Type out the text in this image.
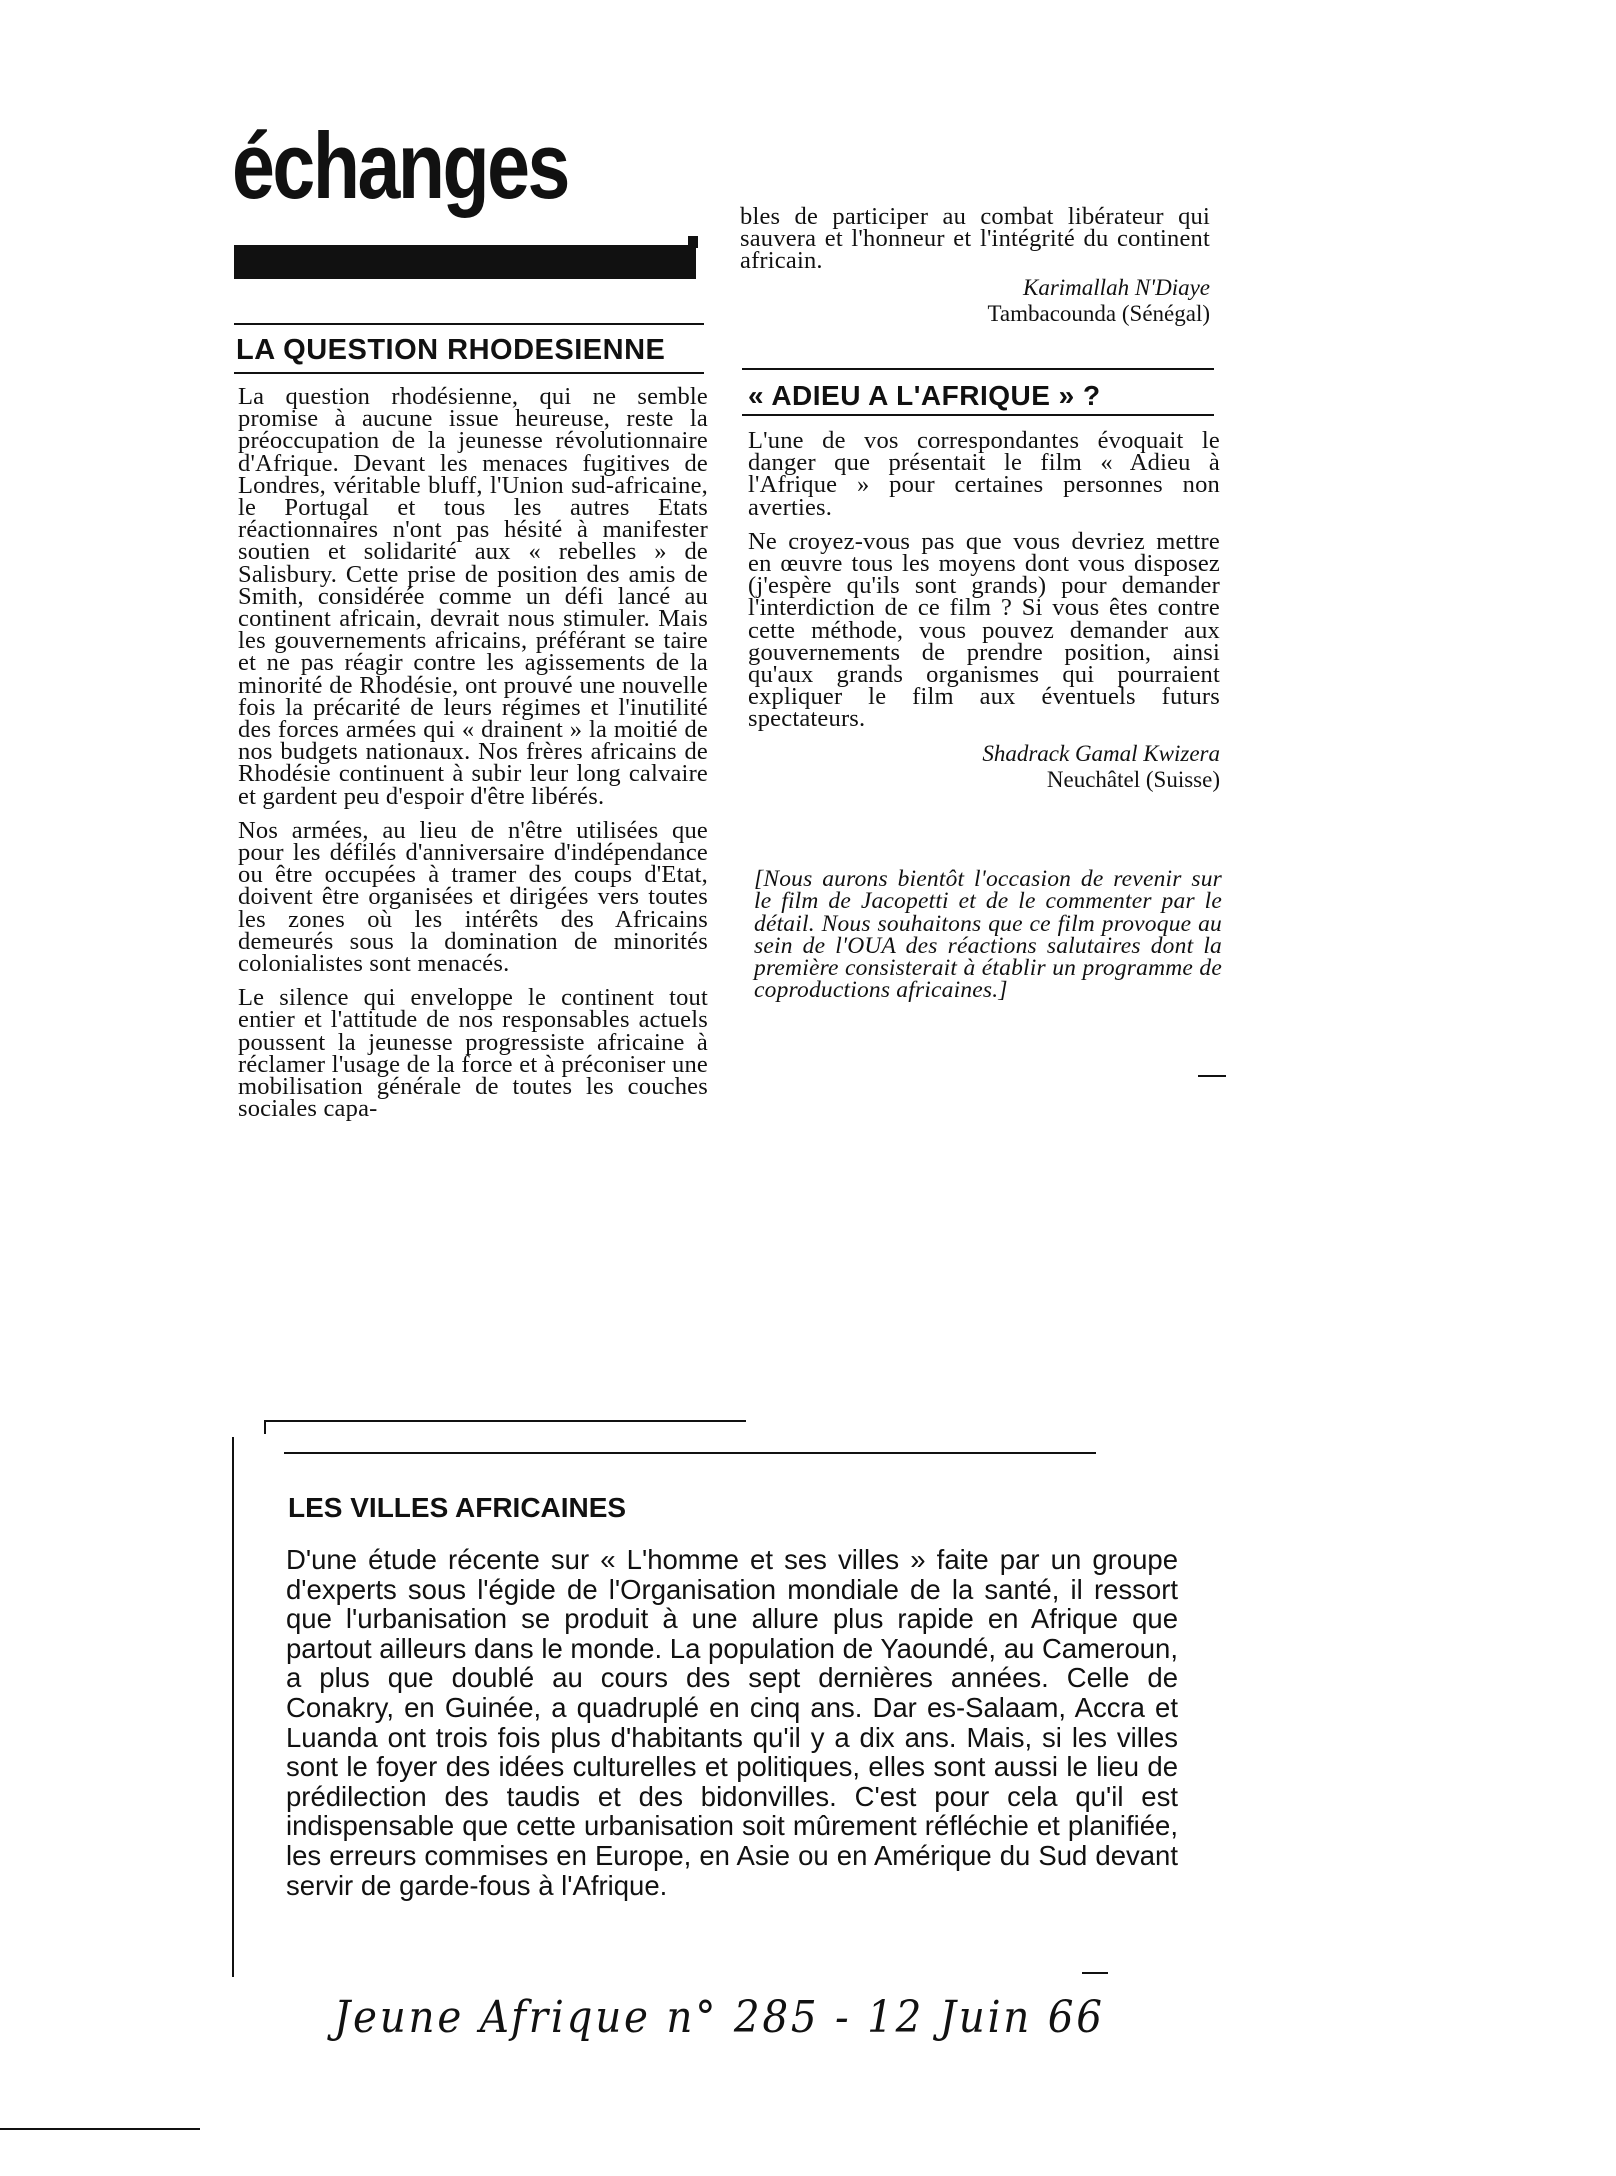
échanges
LA QUESTION RHODESIENNE

La question rhodésienne, qui ne semble promise à aucune issue heureuse, reste la préoccupation de la jeunesse révolutionnaire d'Afrique. Devant les menaces fugitives de Londres, véritable bluff, l'Union sud-africaine, le Portugal et tous les autres Etats réactionnaires n'ont pas hésité à manifester soutien et solidarité aux « rebelles » de Salisbury. Cette prise de position des amis de Smith, considérée comme un défi lancé au continent africain, devrait nous stimuler. Mais les gouvernements africains, préférant se taire et ne pas réagir contre les agissements de la minorité de Rhodésie, ont prouvé une nouvelle fois la précarité de leurs régimes et l'inutilité des forces armées qui « drainent » la moitié de nos budgets nationaux. Nos frères africains de Rhodésie continuent à subir leur long calvaire et gardent peu d'espoir d'être libérés.

Nos armées, au lieu de n'être utilisées que pour les défilés d'anniversaire d'indépendance ou être occupées à tramer des coups d'Etat, doivent être organisées et dirigées vers toutes les zones où les intérêts des Africains demeurés sous la domination de minorités colonialistes sont menacés.

Le silence qui enveloppe le continent tout entier et l'attitude de nos responsables actuels poussent la jeunesse progressiste africaine à réclamer l'usage de la force et à préconiser une mobilisation générale de toutes les couches sociales capa-

bles de participer au combat libérateur qui sauvera et l'honneur et l'intégrité du continent africain.

Karimallah N'Diaye
Tambacounda (Sénégal)
« ADIEU A L'AFRIQUE » ?

L'une de vos correspondantes évoquait le danger que présentait le film « Adieu à l'Afrique » pour certaines personnes non averties.

Ne croyez-vous pas que vous devriez mettre en œuvre tous les moyens dont vous disposez (j'espère qu'ils sont grands) pour demander l'interdiction de ce film ? Si vous êtes contre cette méthode, vous pouvez demander aux gouvernements de prendre position, ainsi qu'aux grands organismes qui pourraient expliquer le film aux éventuels futurs spectateurs.

Shadrack Gamal Kwizera
Neuchâtel (Suisse)

[Nous aurons bientôt l'occasion de revenir sur le film de Jacopetti et de le commenter par le détail. Nous souhaitons que ce film provoque au sein de l'OUA des réactions salutaires dont la première consisterait à établir un programme de coproductions africaines.]

LES VILLES AFRICAINES

D'une étude récente sur « L'homme et ses villes » faite par un groupe d'experts sous l'égide de l'Organisation mondiale de la santé, il ressort que l'urbanisation se produit à une allure plus rapide en Afrique que partout ailleurs dans le monde. La population de Yaoundé, au Cameroun, a plus que doublé au cours des sept dernières années. Celle de Conakry, en Guinée, a quadruplé en cinq ans. Dar es-Salaam, Accra et Luanda ont trois fois plus d'habitants qu'il y a dix ans. Mais, si les villes sont le foyer des idées culturelles et politiques, elles sont aussi le lieu de prédilection des taudis et des bidonvilles. C'est pour cela qu'il est indispensable que cette urbanisation soit mûrement réfléchie et planifiée, les erreurs commises en Europe, en Asie ou en Amérique du Sud devant servir de garde-fous à l'Afrique.

Jeune Afrique n° 285 - 12 Juin 66
